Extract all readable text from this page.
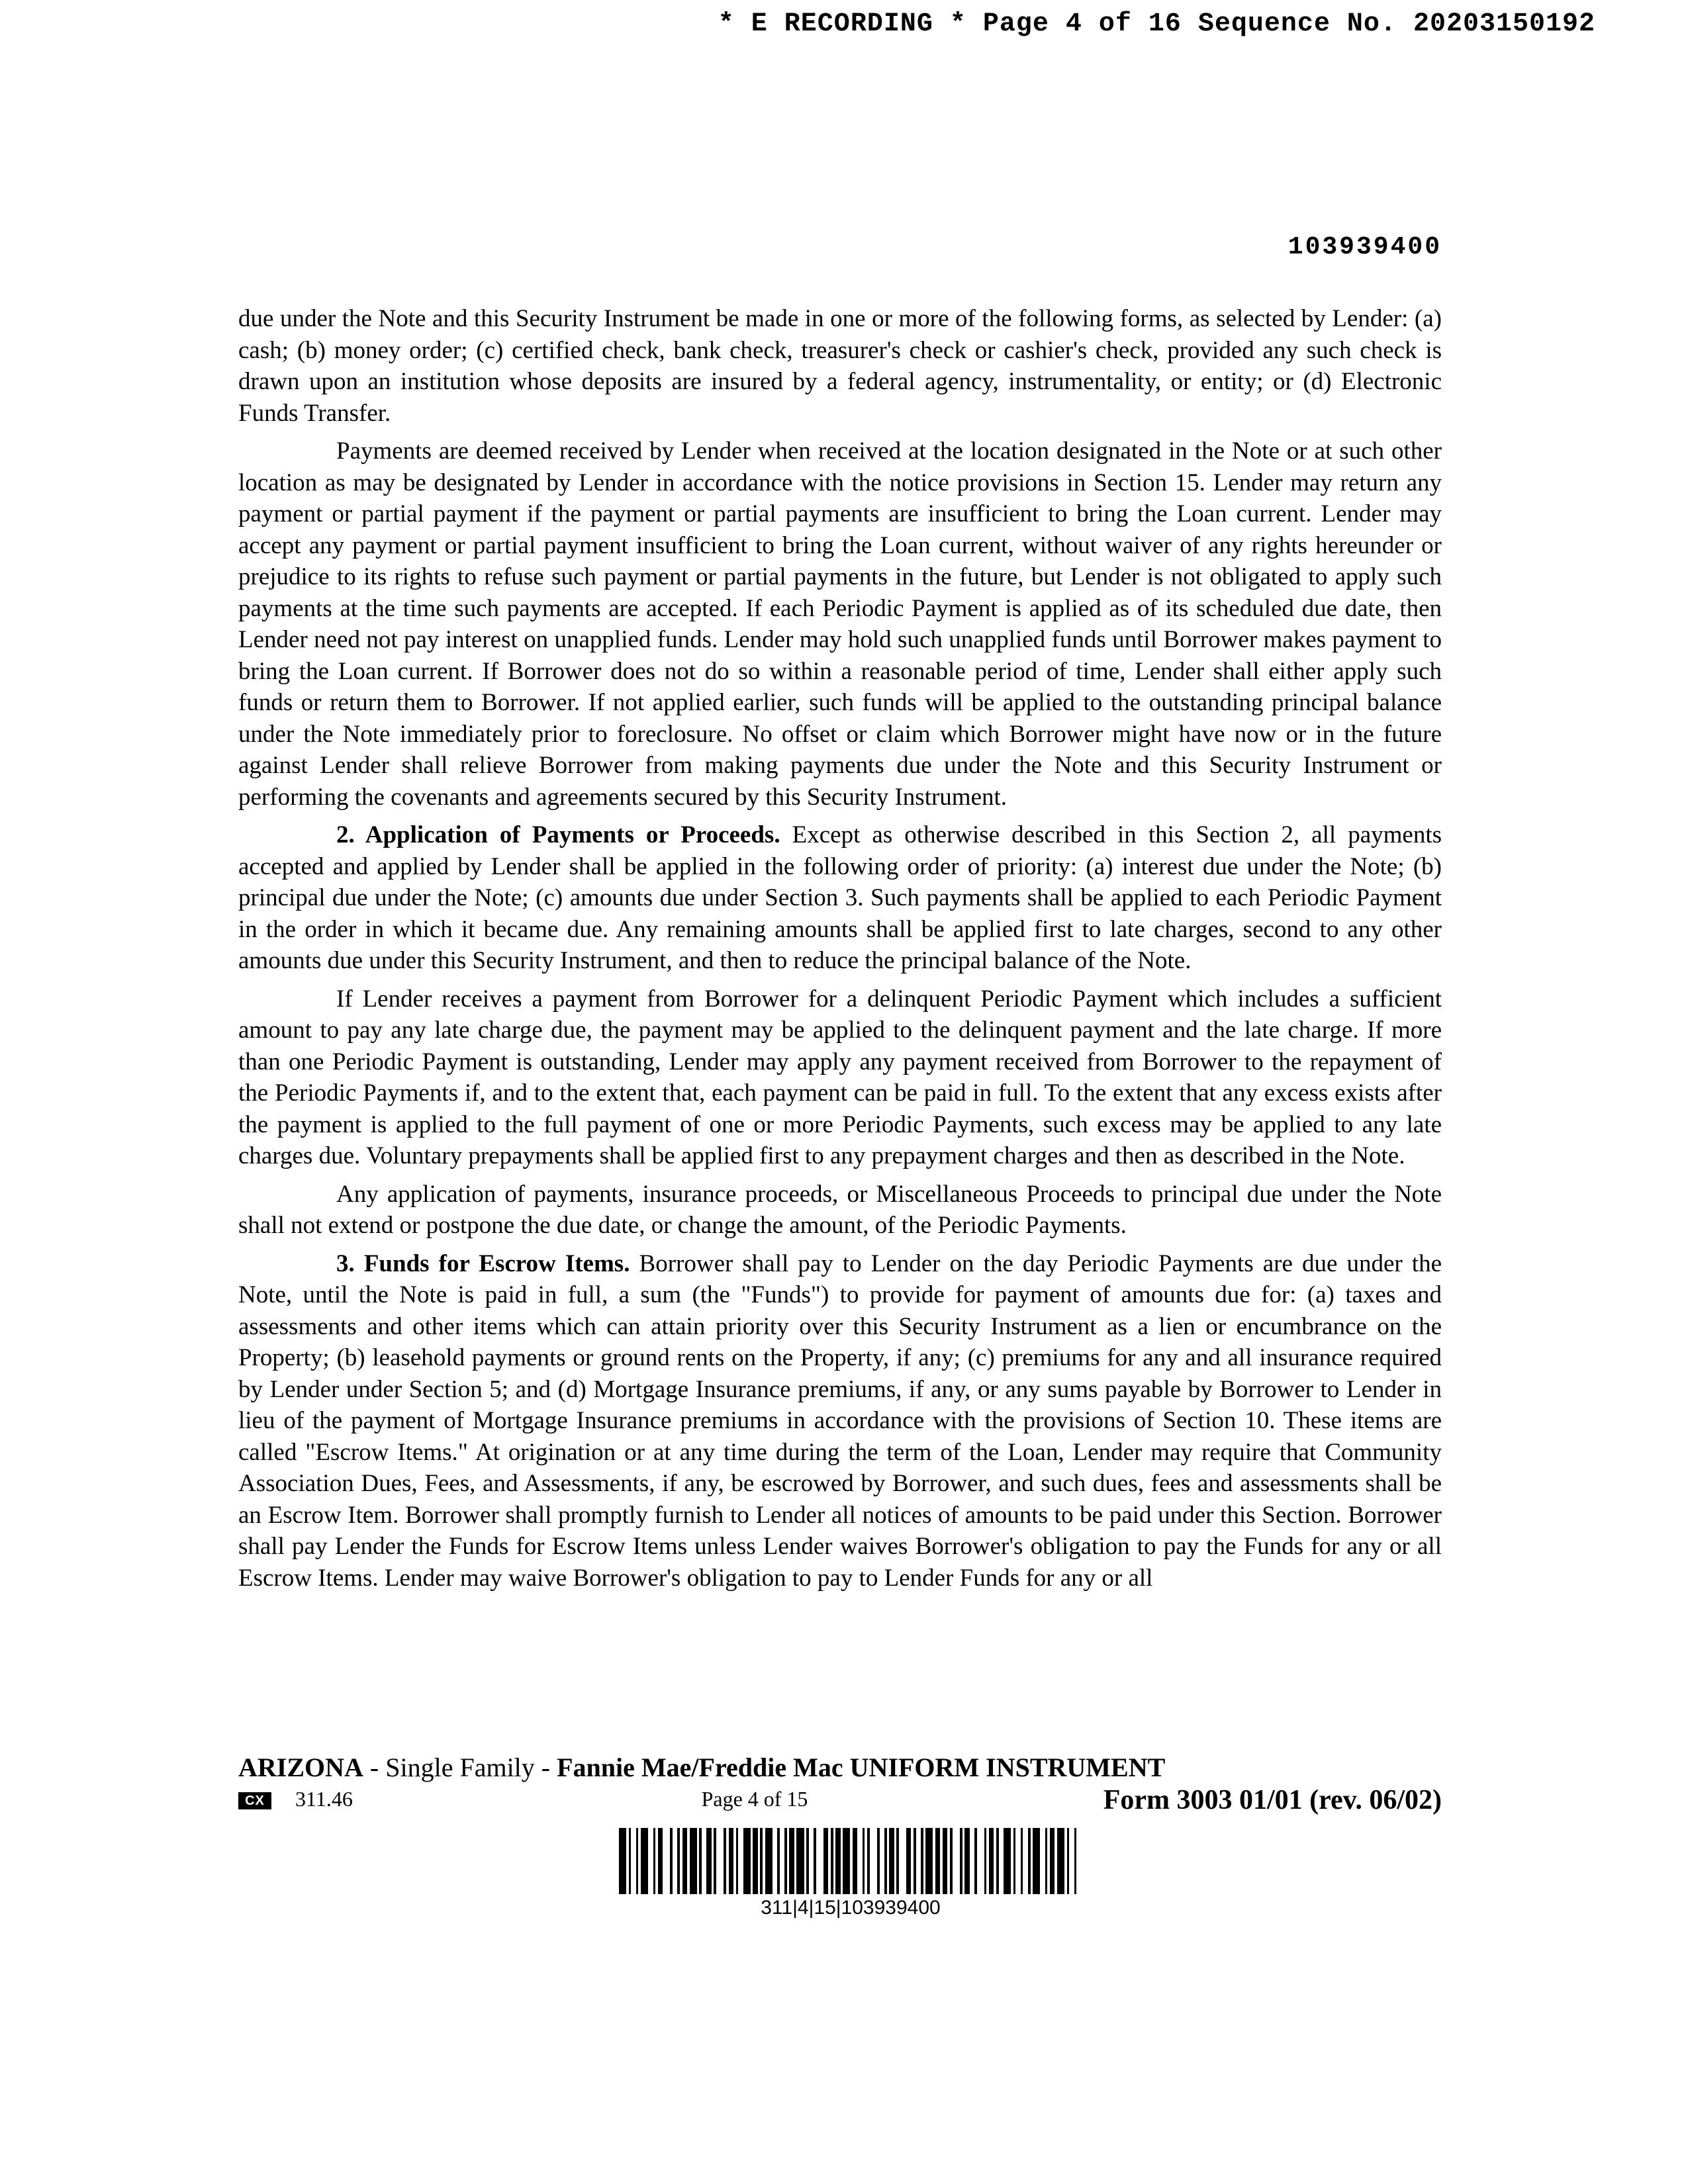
* E RECORDING * Page 4 of 16 Sequence No. 20203150192
103939400

due under the Note and this Security Instrument be made in one or more of the following forms, as selected by Lender: (a) cash; (b) money order; (c) certified check, bank check, treasurer's check or cashier's check, provided any such check is drawn upon an institution whose deposits are insured by a federal agency, instrumentality, or entity; or (d) Electronic Funds Transfer.

Payments are deemed received by Lender when received at the location designated in the Note or at such other location as may be designated by Lender in accordance with the notice provisions in Section 15. Lender may return any payment or partial payment if the payment or partial payments are insufficient to bring the Loan current. Lender may accept any payment or partial payment insufficient to bring the Loan current, without waiver of any rights hereunder or prejudice to its rights to refuse such payment or partial payments in the future, but Lender is not obligated to apply such payments at the time such payments are accepted. If each Periodic Payment is applied as of its scheduled due date, then Lender need not pay interest on unapplied funds. Lender may hold such unapplied funds until Borrower makes payment to bring the Loan current. If Borrower does not do so within a reasonable period of time, Lender shall either apply such funds or return them to Borrower. If not applied earlier, such funds will be applied to the outstanding principal balance under the Note immediately prior to foreclosure. No offset or claim which Borrower might have now or in the future against Lender shall relieve Borrower from making payments due under the Note and this Security Instrument or performing the covenants and agreements secured by this Security Instrument.

2. Application of Payments or Proceeds. Except as otherwise described in this Section 2, all payments accepted and applied by Lender shall be applied in the following order of priority: (a) interest due under the Note; (b) principal due under the Note; (c) amounts due under Section 3. Such payments shall be applied to each Periodic Payment in the order in which it became due. Any remaining amounts shall be applied first to late charges, second to any other amounts due under this Security Instrument, and then to reduce the principal balance of the Note.

If Lender receives a payment from Borrower for a delinquent Periodic Payment which includes a sufficient amount to pay any late charge due, the payment may be applied to the delinquent payment and the late charge. If more than one Periodic Payment is outstanding, Lender may apply any payment received from Borrower to the repayment of the Periodic Payments if, and to the extent that, each payment can be paid in full. To the extent that any excess exists after the payment is applied to the full payment of one or more Periodic Payments, such excess may be applied to any late charges due. Voluntary prepayments shall be applied first to any prepayment charges and then as described in the Note.

Any application of payments, insurance proceeds, or Miscellaneous Proceeds to principal due under the Note shall not extend or postpone the due date, or change the amount, of the Periodic Payments.

3. Funds for Escrow Items. Borrower shall pay to Lender on the day Periodic Payments are due under the Note, until the Note is paid in full, a sum (the "Funds") to provide for payment of amounts due for: (a) taxes and assessments and other items which can attain priority over this Security Instrument as a lien or encumbrance on the Property; (b) leasehold payments or ground rents on the Property, if any; (c) premiums for any and all insurance required by Lender under Section 5; and (d) Mortgage Insurance premiums, if any, or any sums payable by Borrower to Lender in lieu of the payment of Mortgage Insurance premiums in accordance with the provisions of Section 10. These items are called "Escrow Items." At origination or at any time during the term of the Loan, Lender may require that Community Association Dues, Fees, and Assessments, if any, be escrowed by Borrower, and such dues, fees and assessments shall be an Escrow Item. Borrower shall promptly furnish to Lender all notices of amounts to be paid under this Section. Borrower shall pay Lender the Funds for Escrow Items unless Lender waives Borrower's obligation to pay the Funds for any or all Escrow Items. Lender may waive Borrower's obligation to pay to Lender Funds for any or all

ARIZONA - Single Family - Fannie Mae/Freddie Mac UNIFORM INSTRUMENT
CX	311.46	Page 4 of 15	Form 3003 01/01 (rev. 06/02)
311|4|15|103939400
